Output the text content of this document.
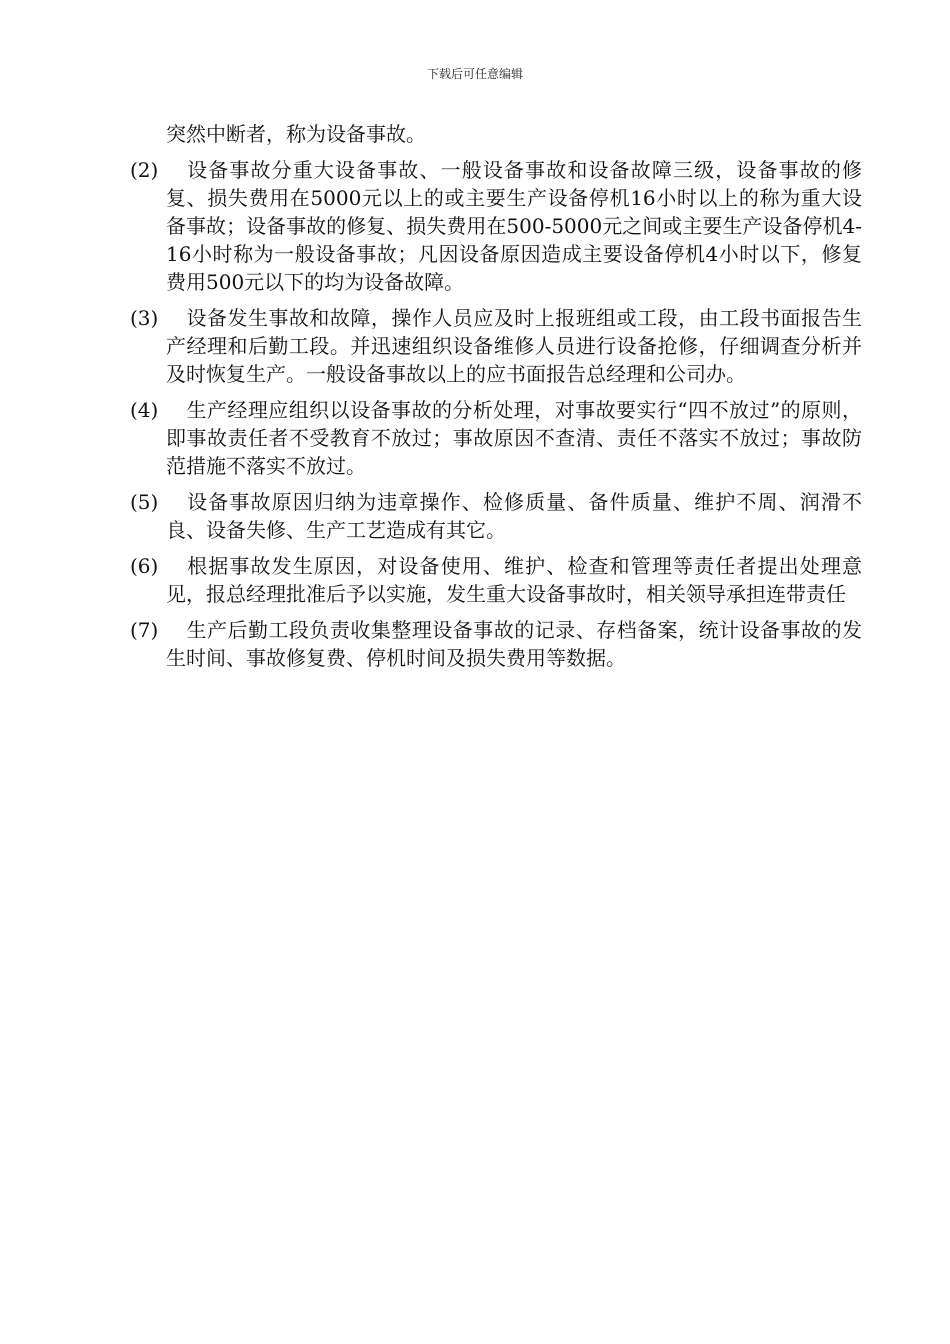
下载后可任意编辑

突然中断者，称为设备事故。

(2) 设备事故分重大设备事故、一般设备事故和设备故障三级，设备事故的修复、损失费用在5000元以上的或主要生产设备停机16小时以上的称为重大设备事故；设备事故的修复、损失费用在500-5000元之间或主要生产设备停机4-16小时称为一般设备事故；凡因设备原因造成主要设备停机4小时以下，修复费用500元以下的均为设备故障。

(3) 设备发生事故和故障，操作人员应及时上报班组或工段，由工段书面报告生产经理和后勤工段。并迅速组织设备维修人员进行设备抢修，仔细调查分析并及时恢复生产。一般设备事故以上的应书面报告总经理和公司办。

(4) 生产经理应组织以设备事故的分析处理，对事故要实行“四不放过”的原则，即事故责任者不受教育不放过；事故原因不查清、责任不落实不放过；事故防范措施不落实不放过。

(5) 设备事故原因归纳为违章操作、检修质量、备件质量、维护不周、润滑不良、设备失修、生产工艺造成有其它。

(6) 根据事故发生原因，对设备使用、维护、检查和管理等责任者提出处理意见，报总经理批准后予以实施，发生重大设备事故时，相关领导承担连带责任

(7) 生产后勤工段负责收集整理设备事故的记录、存档备案，统计设备事故的发生时间、事故修复费、停机时间及损失费用等数据。
